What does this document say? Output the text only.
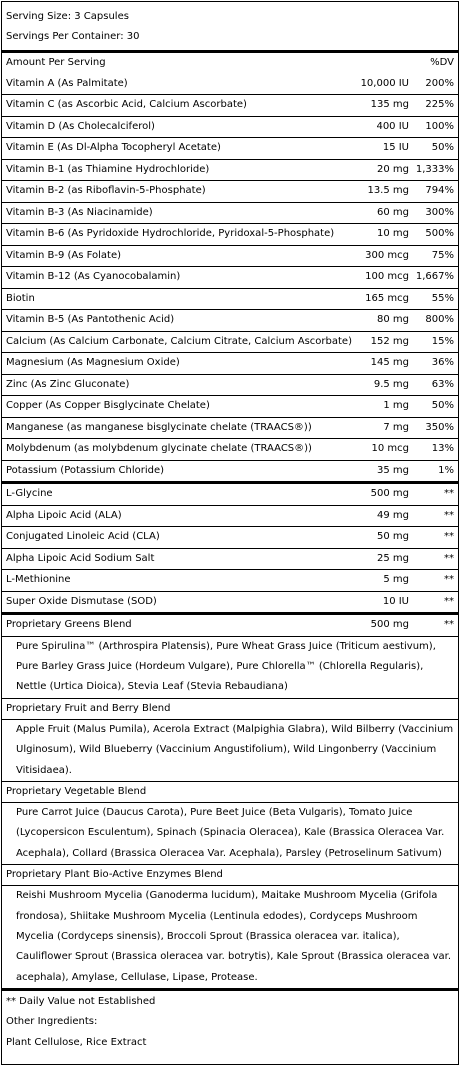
Serving Size: 3 Capsules
Servings Per Container: 30
Amount Per Serving	%DV
Vitamin A (As Palmitate)	10,000 IU	200%
Vitamin C (as Ascorbic Acid, Calcium Ascorbate)	135 mg	225%
Vitamin D (As Cholecalciferol)	400 IU	100%
Vitamin E (As Dl-Alpha Tocopheryl Acetate)	15 IU	50%
Vitamin B-1 (as Thiamine Hydrochloride)	20 mg	1,333%
Vitamin B-2 (as Riboflavin-5-Phosphate)	13.5 mg	794%
Vitamin B-3 (As Niacinamide)	60 mg	300%
Vitamin B-6 (As Pyridoxide Hydrochloride, Pyridoxal-5-Phosphate)	10 mg	500%
Vitamin B-9 (As Folate)	300 mcg	75%
Vitamin B-12 (As Cyanocobalamin)	100 mcg	1,667%
Biotin	165 mcg	55%
Vitamin B-5 (As Pantothenic Acid)	80 mg	800%
Calcium (As Calcium Carbonate, Calcium Citrate, Calcium Ascorbate)	152 mg	15%
Magnesium (As Magnesium Oxide)	145 mg	36%
Zinc (As Zinc Gluconate)	9.5 mg	63%
Copper (As Copper Bisglycinate Chelate)	1 mg	50%
Manganese (as manganese bisglycinate chelate (TRAACS®))	7 mg	350%
Molybdenum (as molybdenum glycinate chelate (TRAACS®))	10 mcg	13%
Potassium (Potassium Chloride)	35 mg	1%
L-Glycine	500 mg	**
Alpha Lipoic Acid (ALA)	49 mg	**
Conjugated Linoleic Acid (CLA)	50 mg	**
Alpha Lipoic Acid Sodium Salt	25 mg	**
L-Methionine	5 mg	**
Super Oxide Dismutase (SOD)	10 IU	**
Proprietary Greens Blend	500 mg	**
Pure Spirulina™ (Arthrospira Platensis), Pure Wheat Grass Juice (Triticum aestivum), Pure Barley Grass Juice (Hordeum Vulgare), Pure Chlorella™ (Chlorella Regularis), Nettle (Urtica Dioica), Stevia Leaf (Stevia Rebaudiana)
Proprietary Fruit and Berry Blend
Apple Fruit (Malus Pumila), Acerola Extract (Malpighia Glabra), Wild Bilberry (Vaccinium Ulginosum), Wild Blueberry (Vaccinium Angustifolium), Wild Lingonberry (Vaccinium Vitisidaea).
Proprietary Vegetable Blend
Pure Carrot Juice (Daucus Carota), Pure Beet Juice (Beta Vulgaris), Tomato Juice (Lycopersicon Esculentum), Spinach (Spinacia Oleracea), Kale (Brassica Oleracea Var. Acephala), Collard (Brassica Oleracea Var. Acephala), Parsley (Petroselinum Sativum)
Proprietary Plant Bio-Active Enzymes Blend
Reishi Mushroom Mycelia (Ganoderma lucidum), Maitake Mushroom Mycelia (Grifola frondosa), Shiitake Mushroom Mycelia (Lentinula edodes), Cordyceps Mushroom Mycelia (Cordyceps sinensis), Broccoli Sprout (Brassica oleracea var. italica), Cauliflower Sprout (Brassica oleracea var. botrytis), Kale Sprout (Brassica oleracea var. acephala), Amylase, Cellulase, Lipase, Protease.
** Daily Value not Established
Other Ingredients:
Plant Cellulose, Rice Extract
